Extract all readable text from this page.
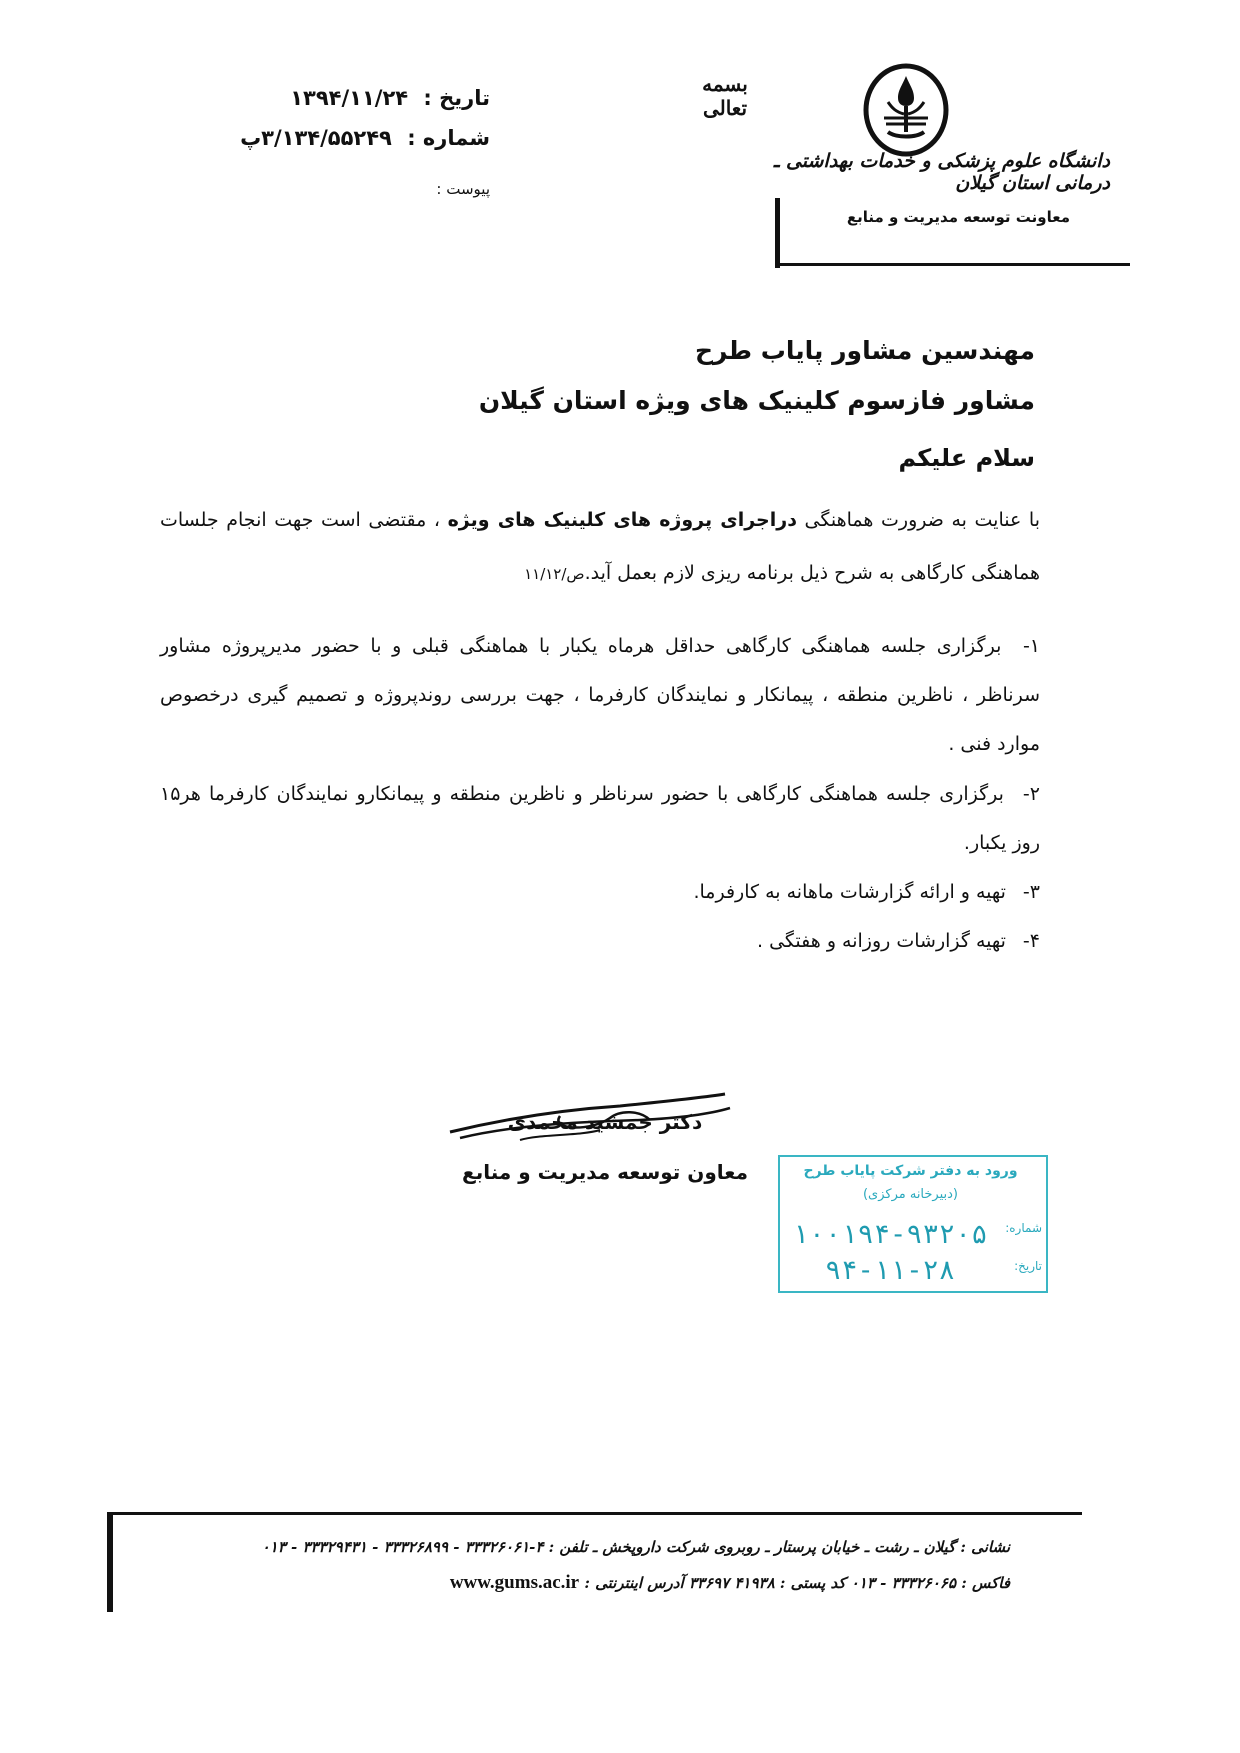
تاریخ : ۱۳۹۴/۱۱/۲۴
شماره : ۳/۱۳۴/۵۵۲۴۹پ
پیوست :
بسمه تعالی
دانشگاه علوم پزشکی و خدمات بهداشتی ـ درمانی استان گیلان
معاونت توسعه مدیریت و منابع
مهندسین مشاور پایاب طرح
مشاور فازسوم کلینیک های ویژه استان گیلان
سلام علیکم
با عنایت به ضرورت هماهنگی دراجرای پروژه های کلینیک های ویژه ، مقتضی است جهت انجام جلسات هماهنگی کارگاهی به شرح ذیل برنامه ریزی لازم بعمل آید.ص/۱۱/۱۲
۱- برگزاری جلسه هماهنگی کارگاهی حداقل هرماه یکبار با هماهنگی قبلی و با حضور مدیرپروژه مشاور سرناظر ، ناظرین منطقه ، پیمانکار و نمایندگان کارفرما ، جهت بررسی روندپروژه و تصمیم گیری درخصوص موارد فنی .
۲- برگزاری جلسه هماهنگی کارگاهی با حضور سرناظر و ناظرین منطقه و پیمانکارو نمایندگان کارفرما هر۱۵ روز یکبار.
۳- تهیه و ارائه گزارشات ماهانه به کارفرما.
۴- تهیه گزارشات روزانه و هفتگی .
دکتر جمشید محمدی
معاون توسعه مدیریت و منابع	ورود به دفتر شرکت پایاب طرح
(دبیرخانه مرکزی)
شماره:
۱۰۰۱۹۴-۹۳۲۰۵
تاریخ:
۹۴-۱۱-۲۸
نشانی : گیلان ـ رشت ـ خیابان پرستار ـ روبروی شرکت داروپخش ـ تلفن : ۴-۳۳۳۲۶۰۶۱ - ۳۳۳۲۶۸۹۹ - ۳۳۳۲۹۴۳۱ - ۰۱۳
فاکس : ۳۳۳۲۶۰۶۵ - ۰۱۳ کد پستی : ۴۱۹۳۸ ۳۳۶۹۷ آدرس اینترنتی : www.gums.ac.ir
